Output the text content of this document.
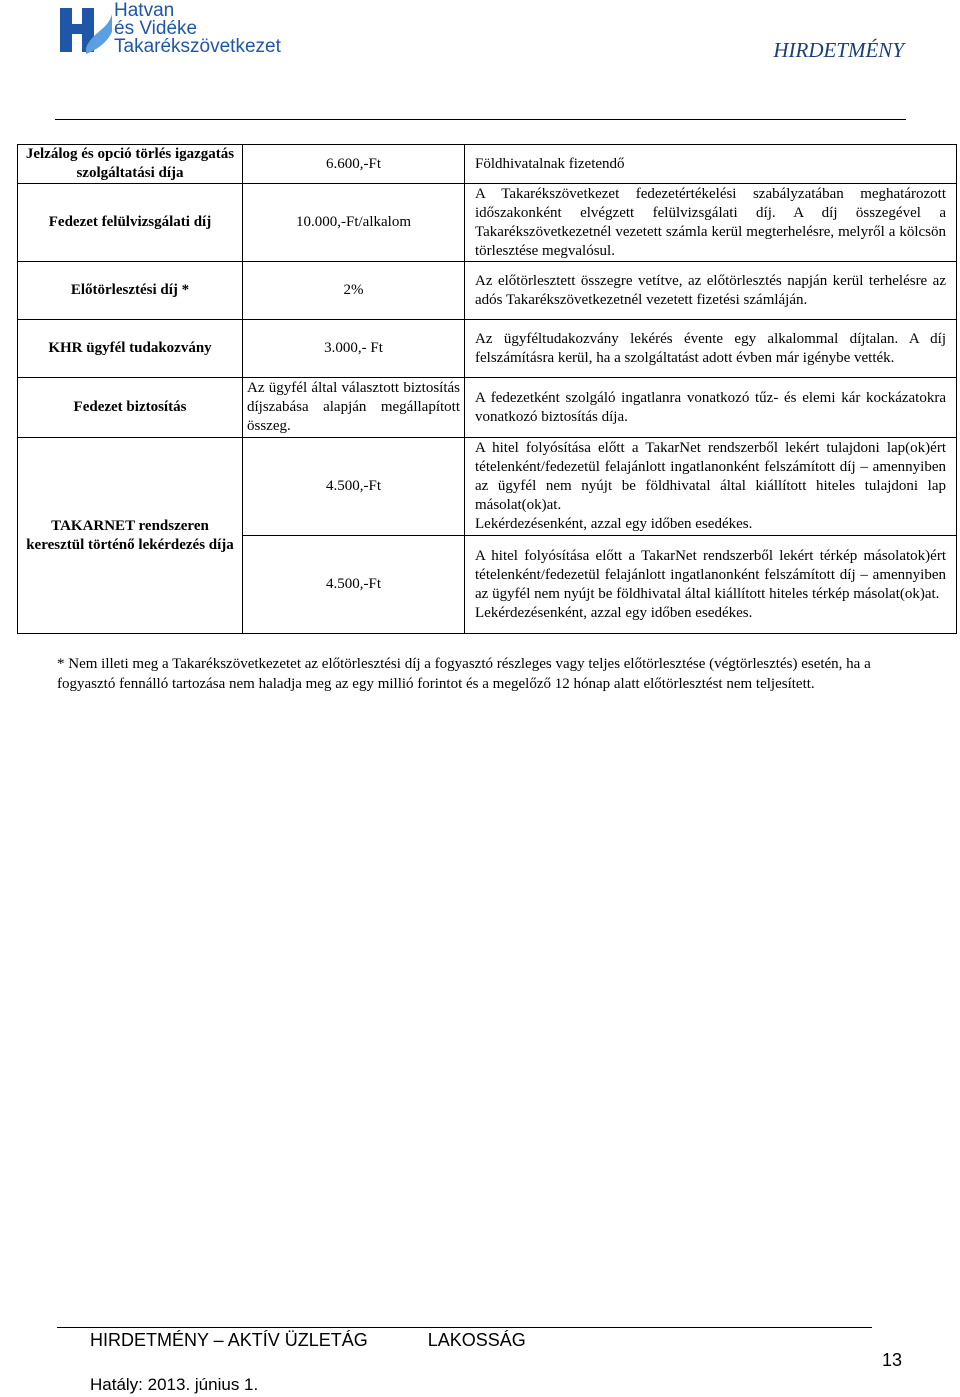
Hatvan
és Vidéke
Takarékszövetkezet	HIRDETMÉNY
Jelzálog és opció törlés igazgatás szolgáltatási díja	6.600,-Ft	Földhivatalnak fizetendő
Fedezet felülvizsgálati díj	10.000,-Ft/alkalom	A Takarékszövetkezet fedezetértékelési szabályzatában meghatározott időszakonként elvégzett felülvizsgálati díj. A díj összegével a Takarékszövetkezetnél vezetett számla kerül megterhelésre, melyről a kölcsön törlesztése megvalósul.
Előtörlesztési díj *	2%	Az előtörlesztett összegre vetítve, az előtörlesztés napján kerül terhelésre az adós Takarékszövetkezetnél vezetett fizetési számláján.
KHR ügyfél tudakozvány	3.000,- Ft	Az ügyféltudakozvány lekérés évente egy alkalommal díjtalan. A díj felszámításra kerül, ha a szolgáltatást adott évben már igénybe vették.
Fedezet biztosítás	Az ügyfél által választott biztosítás díjszabása alapján megállapított összeg.	A fedezetként szolgáló ingatlanra vonatkozó tűz- és elemi kár kockázatokra vonatkozó biztosítás díja.
TAKARNET rendszeren keresztül történő lekérdezés díja	4.500,-Ft	A hitel folyósítása előtt a TakarNet rendszerből lekért tulajdoni lap(ok)ért tételenként/fedezetül felajánlott ingatlanonként felszámított díj – amennyiben az ügyfél nem nyújt be földhivatal által kiállított hiteles tulajdoni lap másolat(ok)at.
Lekérdezésenként, azzal egy időben esedékes.

	4.500,-Ft	A hitel folyósítása előtt a TakarNet rendszerből lekért térkép másolatok)ért tételenként/fedezetül felajánlott ingatlanonként felszámított díj – amennyiben az ügyfél nem nyújt be földhivatal által kiállított hiteles térkép másolat(ok)at.
Lekérdezésenként, azzal egy időben esedékes.
* Nem illeti meg a Takarékszövetkezetet az előtörlesztési díj a fogyasztó részleges vagy teljes előtörlesztése (végtörlesztés) esetén, ha a fogyasztó fennálló tartozása nem haladja meg az egy millió forintot és a megelőző 12 hónap alatt előtörlesztést nem teljesített.
HIRDETMÉNY – AKTÍV ÜZLETÁG	LAKOSSÁG
Hatály: 2013. június 1.
13
